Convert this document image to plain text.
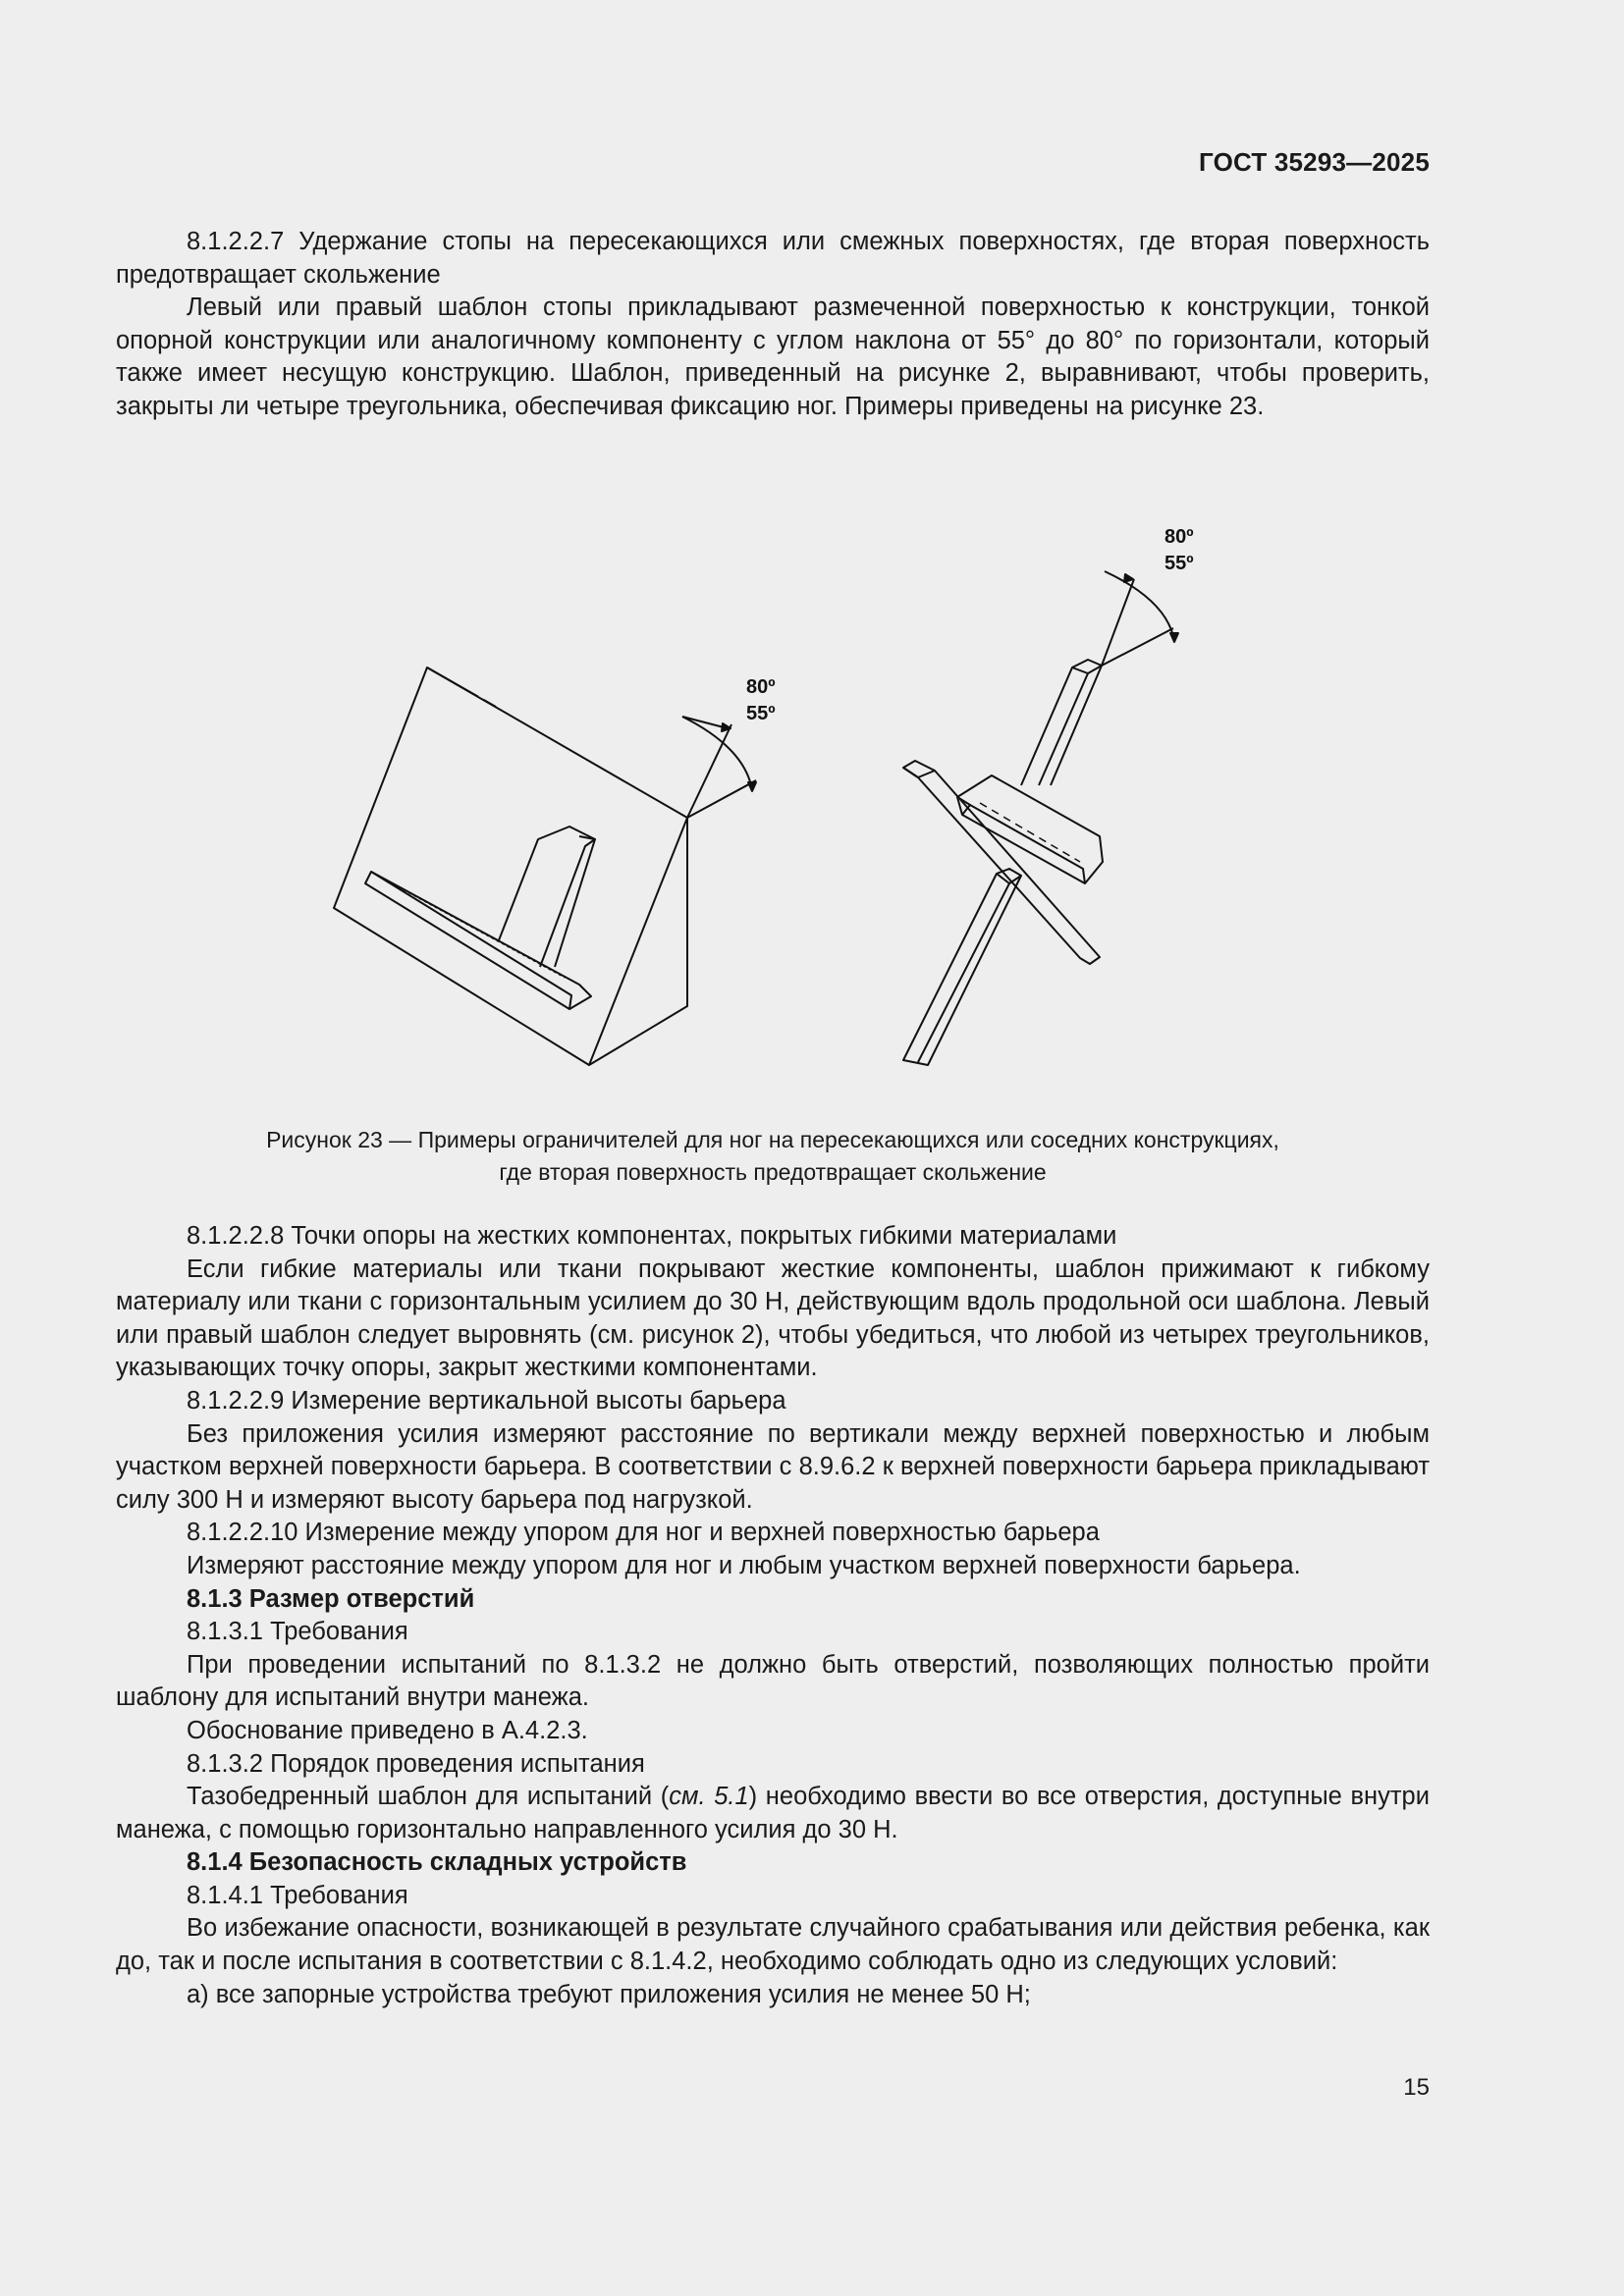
ГОСТ 35293—2025

8.1.2.2.7 Удержание стопы на пересекающихся или смежных поверхностях, где вторая поверхность предотвращает скольжение

Левый или правый шаблон стопы прикладывают размеченной поверхностью к конструкции, тонкой опорной конструкции или аналогичному компоненту с углом наклона от 55° до 80° по горизонтали, который также имеет несущую конструкцию. Шаблон, приведенный на рисунке 2, выравнивают, чтобы проверить, закрыты ли четыре треугольника, обеспечивая фиксацию ног. Примеры приведены на рисунке 23.

80º
55º
80º
55º
Рисунок 23 — Примеры ограничителей для ног на пересекающихся или соседних конструкциях,
где вторая поверхность предотвращает скольжение

8.1.2.2.8 Точки опоры на жестких компонентах, покрытых гибкими материалами

Если гибкие материалы или ткани покрывают жесткие компоненты, шаблон прижимают к гибкому материалу или ткани с горизонтальным усилием до 30 Н, действующим вдоль продольной оси шаблона. Левый или правый шаблон следует выровнять (см. рисунок 2), чтобы убедиться, что любой из четырех треугольников, указывающих точку опоры, закрыт жесткими компонентами.

8.1.2.2.9 Измерение вертикальной высоты барьера

Без приложения усилия измеряют расстояние по вертикали между верхней поверхностью и любым участком верхней поверхности барьера. В соответствии с 8.9.6.2 к верхней поверхности барьера прикладывают силу 300 Н и измеряют высоту барьера под нагрузкой.

8.1.2.2.10 Измерение между упором для ног и верхней поверхностью барьера

Измеряют расстояние между упором для ног и любым участком верхней поверхности барьера.

8.1.3 Размер отверстий

8.1.3.1 Требования

При проведении испытаний по 8.1.3.2 не должно быть отверстий, позволяющих полностью пройти шаблону для испытаний внутри манежа.

Обоснование приведено в А.4.2.3.

8.1.3.2 Порядок проведения испытания

Тазобедренный шаблон для испытаний (см. 5.1) необходимо ввести во все отверстия, доступные внутри манежа, с помощью горизонтально направленного усилия до 30 Н.

8.1.4 Безопасность складных устройств

8.1.4.1 Требования

Во избежание опасности, возникающей в результате случайного срабатывания или действия ребенка, как до, так и после испытания в соответствии с 8.1.4.2, необходимо соблюдать одно из следующих условий:

а) все запорные устройства требуют приложения усилия не менее 50 Н;

15
